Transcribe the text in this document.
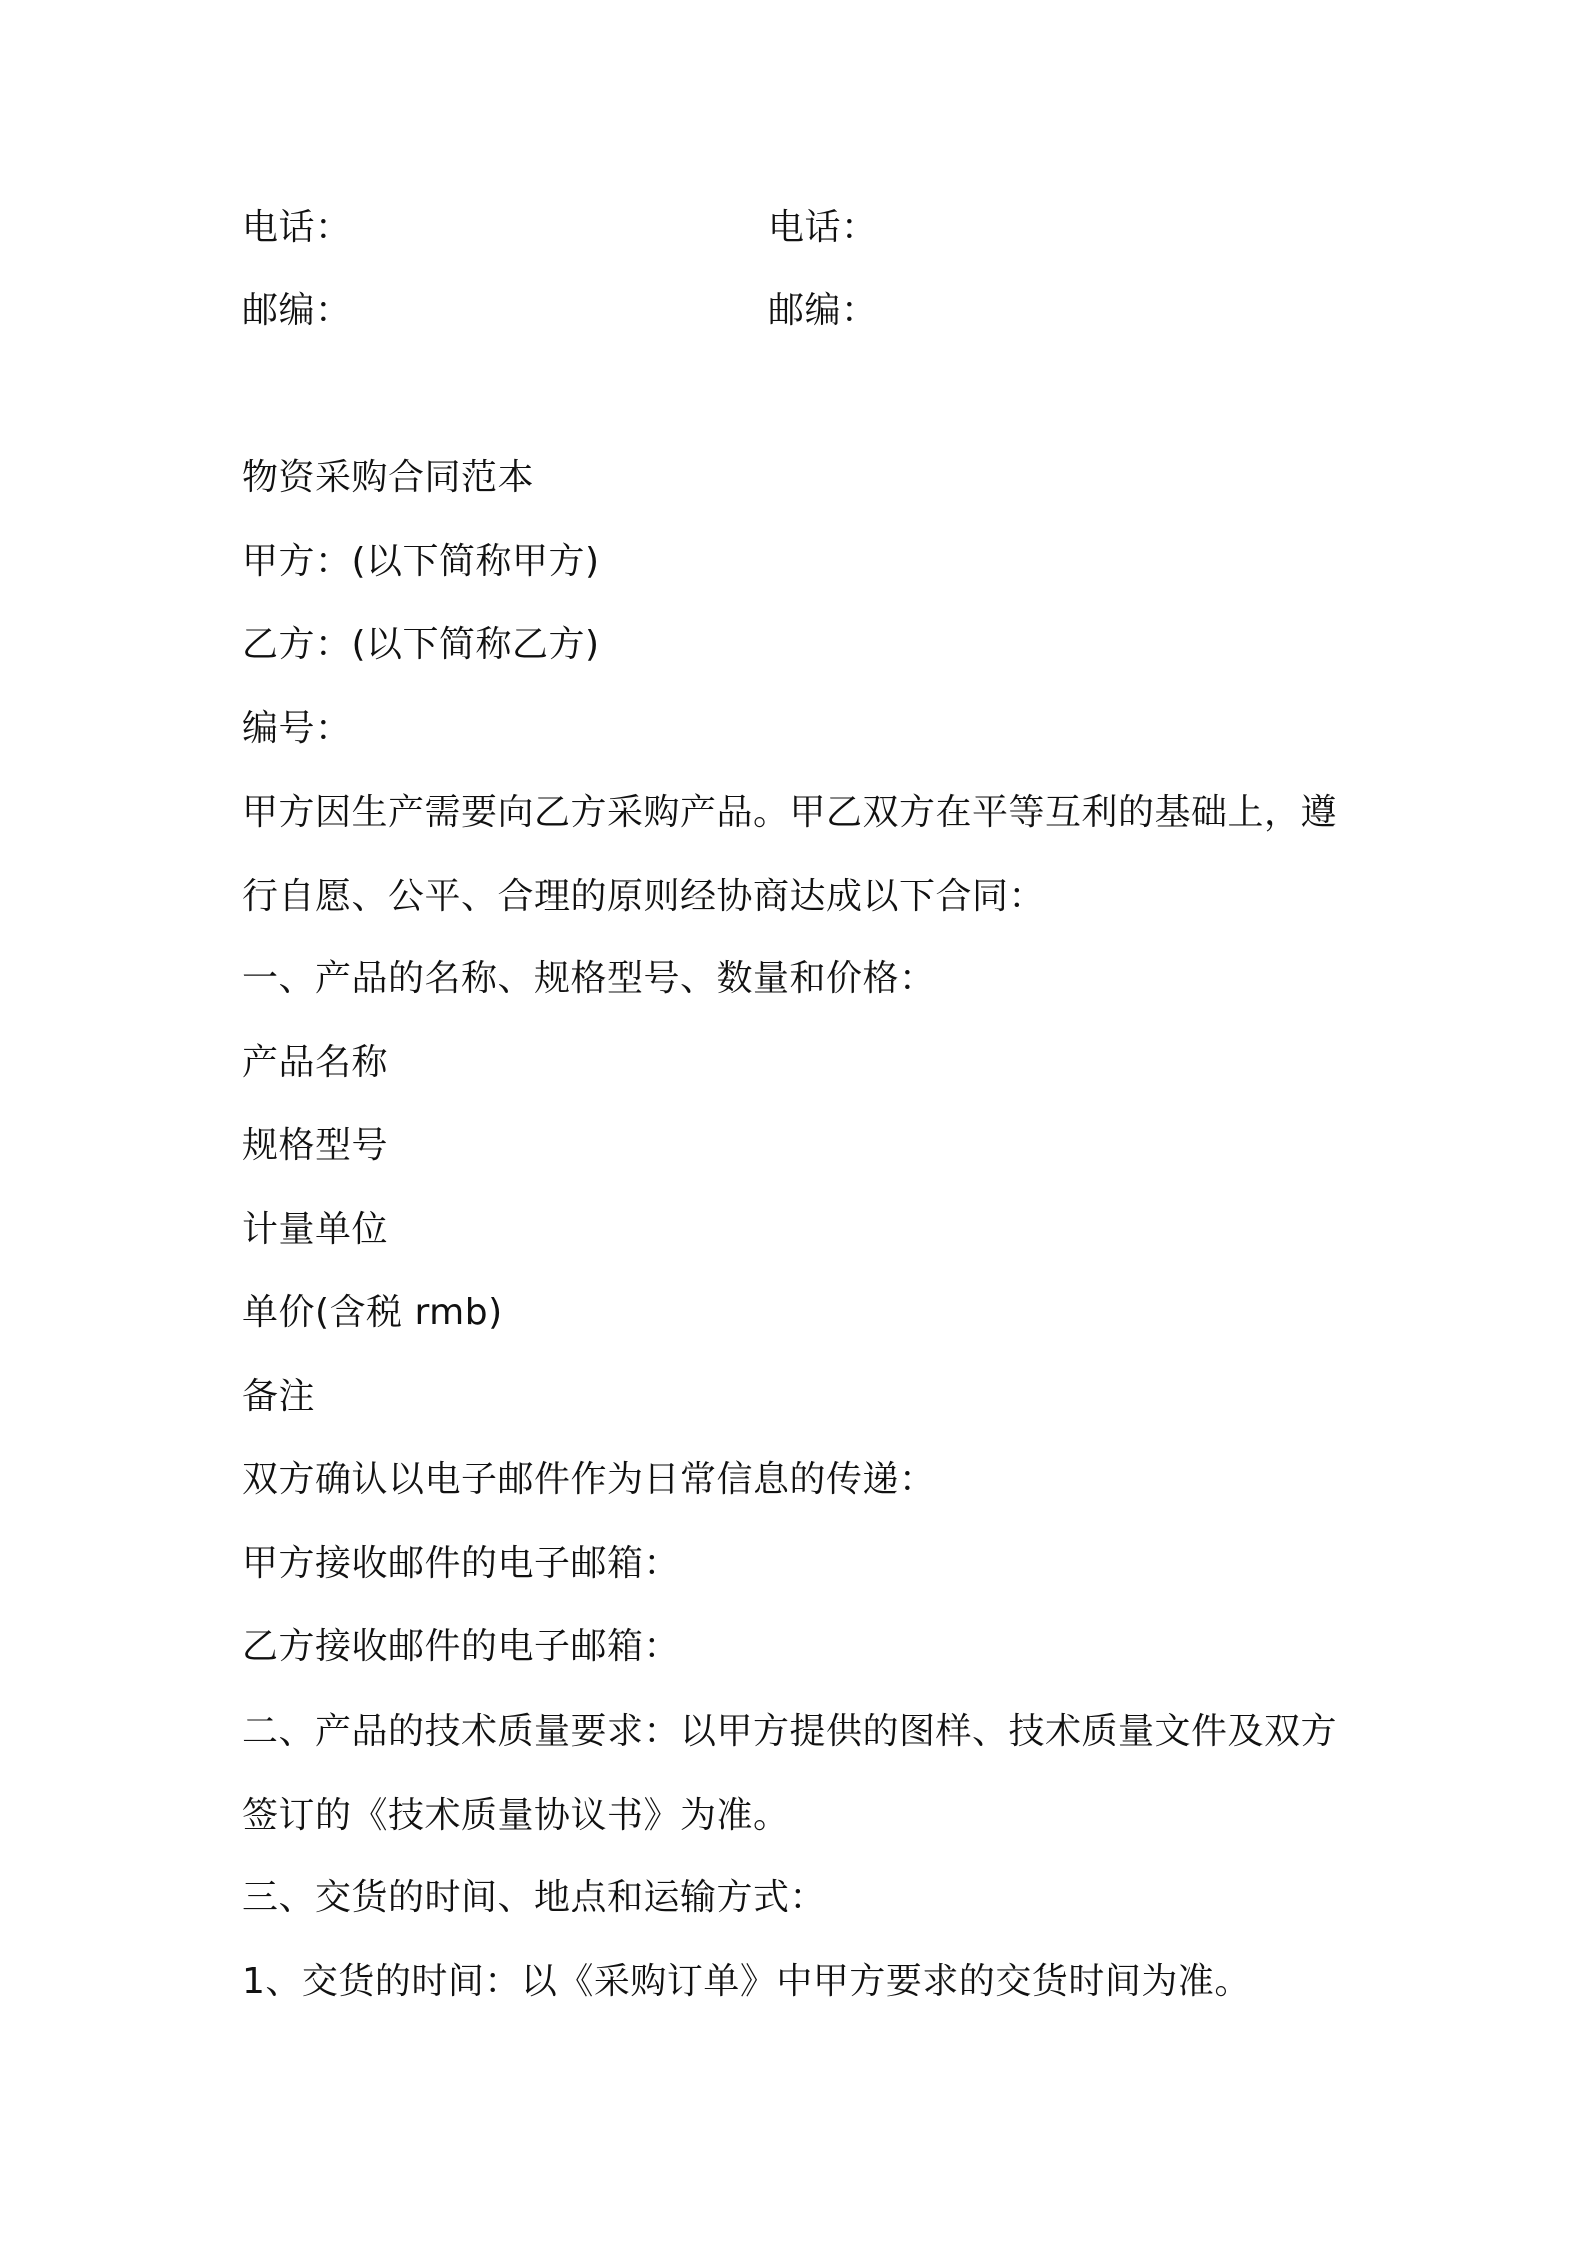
电话：	电话：
邮编：	邮编：
物资采购合同范本
甲方：(以下简称甲方)
乙方：(以下简称乙方)
编号：
甲方因生产需要向乙方采购产品。甲乙双方在平等互利的基础上，遵行自愿、公平、合理的原则经协商达成以下合同：
一、产品的名称、规格型号、数量和价格：
产品名称
规格型号
计量单位
单价(含税 rmb)
备注
双方确认以电子邮件作为日常信息的传递：
甲方接收邮件的电子邮箱：
乙方接收邮件的电子邮箱：
二、产品的技术质量要求：以甲方提供的图样、技术质量文件及双方签订的《技术质量协议书》为准。
三、交货的时间、地点和运输方式：
1、交货的时间：以《采购订单》中甲方要求的交货时间为准。
